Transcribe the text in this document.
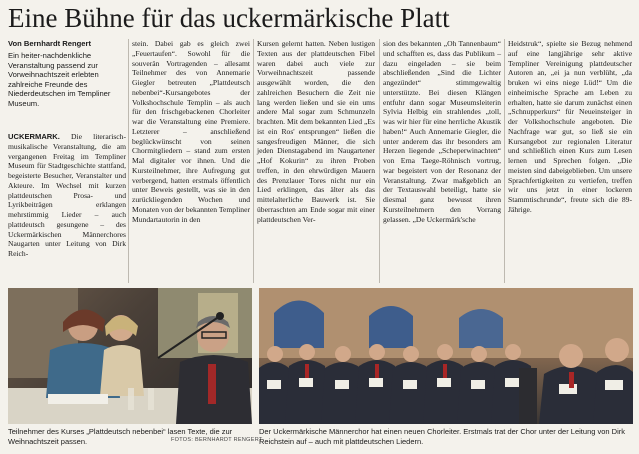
Eine Bühne für das uckermärkische Platt
Von Bernhardt Rengert
Ein heiter-nachdenkliche Veranstaltung passend zur Vorweihnachtszeit erlebten zahlreiche Freunde des Niederdeutschen im Templiner Museum.
UCKERMARK. Die literarisch-musikalische Veranstaltung, die am vergangenen Freitag im Templiner Museum für Stadtgeschichte stattfand, begeisterte Besucher, Veranstalter und Akteure. Im Wechsel mit kurzen plattdeutschen Prosa- und Lyrikbeiträgen erklangen mehrstimmig Lieder – auch plattdeutsch gesungene – des Uckermärkischen Männerchores Naugarten unter Leitung von Dirk Reich-
stein. Dabei gab es gleich zwei „Feuertaufen“. Sowohl für die souverän Vortragenden – allesamt Teilnehmer des von Annemarie Giegler betreuten „Plattdeutsch nebenbei“-Kursangebotes der Volkshochschule Templin – als auch für den frischgebackenen Chorleiter war die Veranstaltung eine Premiere. Letzterer – anschließend beglückwünscht von seinen Chormitgliedern – stand zum ersten Mal digitaler vor ihnen. Und die Kursteilnehmer, ihre Aufregung gut verbergend, hatten erstmals öffentlich unter Beweis gestellt, was sie in den zurückliegenden Wochen und Monaten von der bekannten Templiner Mundartautorin in den
Kursen gelernt hatten. Neben lustigen Texten aus der plattdeutschen Fibel waren dabei auch viele zur Vorweihnachtszeit passende ausgewählt worden, die den zahlreichen Besuchern die Zeit nie lang werden ließen und sie ein ums andere Mal sogar zum Schmunzeln brachten. Mit dem bekannten Lied „Es ist ein Ros' entsprungen“ ließen die sangesfreudigen Männer, die sich jeden Dienstagabend im Naugartener „Hof Kokurin“ zu ihren Proben treffen, in den ehrwürdigen Mauern des Prenzlauer Tores nicht nur ein Lied erklingen, das älter als das mittelalterliche Bauwerk ist. Sie überraschten am Ende sogar mit einer plattdeutschen Ver-
sion des bekannten „Oh Tannenbaum“ und schafften es, dass das Publikum – dazu eingeladen – sie beim abschließenden „Sind die Lichter angezündet“ stimmgewaltig unterstützte. Bei diesen Klängen entfuhr dann sogar Museumsleiterin Sylvia Helbig ein strahlendes „toll, was wir hier für eine herrliche Akustik haben!“ Auch Annemarie Giegler, die unter anderem das ihr besonders am Herzen liegende „Scheperwinachten“ von Erna Taege-Röhnisch vortrug, war begeistert von der Resonanz der Veranstaltung. Zwar maßgeblich an der Textauswahl beteiligt, hatte sie diesmal ganz bewusst ihren Kursteilnehmern den Vorrang gelassen. „De Uckermärk'sche
Heidstruk“, spielte sie Bezug nehmend auf eine langjährige sehr aktive Templiner Vereinigung plattdeutscher Autoren an, „ei ja nun verblüht, „da bruken wi eins niege Lüd!“ Um die einheimische Sprache am Leben zu erhalten, hatte sie darum zunächst einen „Schnupperkurs“ für Neueinsteiger in der Volkshochschule angeboten. Die Nachfrage war gut, so ließ sie ein Kursangebot zur regionalen Literatur und schließlich einen Kurs zum Lesen lernen und Sprechen folgen. „Die meisten sind dabeigeblieben. Um unsere Sprachfertigkeiten zu vertiefen, treffen wir uns jetzt in einer lockeren Stammtischrunde“, freute sich die 89-Jährige.
Teilnehmer des Kurses „Plattdeutsch nebenbei“ lasen Texte, die zur Weihnachtszeit passen.	FOTOS: BERNHARDT RENGERT
Der Uckermärkische Männerchor hat einen neuen Chorleiter. Erstmals trat der Chor unter der Leitung von Dirk Reichstein auf – auch mit plattdeutschen Liedern.
